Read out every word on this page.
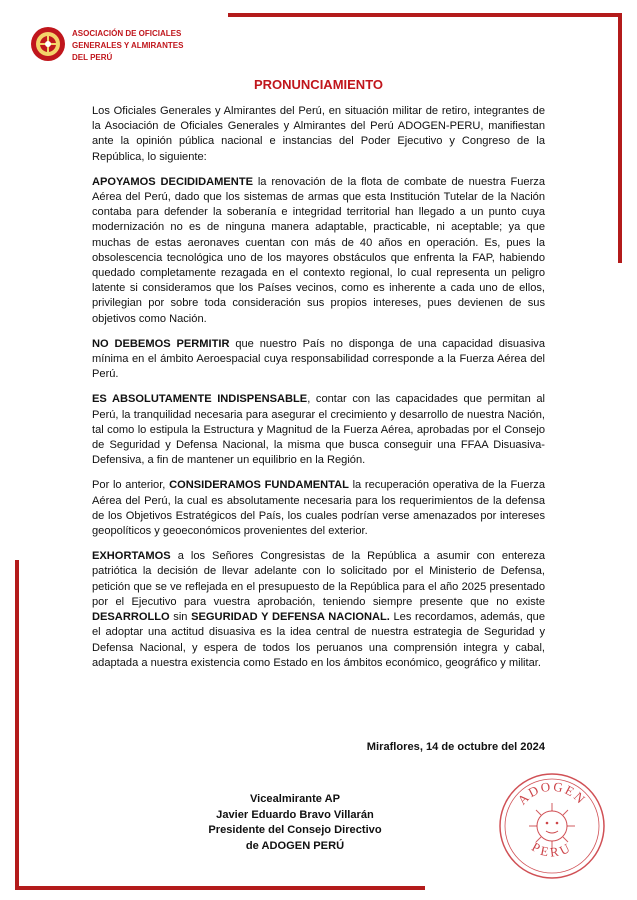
ASOCIACIÓN DE OFICIALES
GENERALES Y ALMIRANTES
DEL PERÚ
PRONUNCIAMIENTO

Los Oficiales Generales y Almirantes del Perú, en situación militar de retiro, integrantes de la Asociación de Oficiales Generales y Almirantes del Perú ADOGEN-PERU, manifiestan ante la opinión pública nacional e instancias del Poder Ejecutivo y Congreso de la República, lo siguiente:

APOYAMOS DECIDIDAMENTE la renovación de la flota de combate de nuestra Fuerza Aérea del Perú, dado que los sistemas de armas que esta Institución Tutelar de la Nación contaba para defender la soberanía e integridad territorial han llegado a un punto cuya modernización no es de ninguna manera adaptable, practicable, ni aceptable; ya que muchas de estas aeronaves cuentan con más de 40 años en operación. Es, pues la obsolescencia tecnológica uno de los mayores obstáculos que enfrenta la FAP, habiendo quedado completamente rezagada en el contexto regional, lo cual representa un peligro latente si consideramos que los Países vecinos, como es inherente a cada uno de ellos, privilegian por sobre toda consideración sus propios intereses, pues devienen de sus objetivos como Nación.

NO DEBEMOS PERMITIR que nuestro País no disponga de una capacidad disuasiva mínima en el ámbito Aeroespacial cuya responsabilidad corresponde a la Fuerza Aérea del Perú.

ES ABSOLUTAMENTE INDISPENSABLE, contar con las capacidades que permitan al Perú, la tranquilidad necesaria para asegurar el crecimiento y desarrollo de nuestra Nación, tal como lo estipula la Estructura y Magnitud de la Fuerza Aérea, aprobadas por el Consejo de Seguridad y Defensa Nacional, la misma que busca conseguir una FFAA Disuasiva-Defensiva, a fin de mantener un equilibrio en la Región.

Por lo anterior, CONSIDERAMOS FUNDAMENTAL la recuperación operativa de la Fuerza Aérea del Perú, la cual es absolutamente necesaria para los requerimientos de la defensa de los Objetivos Estratégicos del País, los cuales podrían verse amenazados por intereses geopolíticos y geoeconómicos provenientes del exterior.

EXHORTAMOS a los Señores Congresistas de la República a asumir con entereza patriótica la decisión de llevar adelante con lo solicitado por el Ministerio de Defensa, petición que se ve reflejada en el presupuesto de la República para el año 2025 presentado por el Ejecutivo para vuestra aprobación, teniendo siempre presente que no existe DESARROLLO sin SEGURIDAD Y DEFENSA NACIONAL. Les recordamos, además, que el adoptar una actitud disuasiva es la idea central de nuestra estrategia de Seguridad y Defensa Nacional, y espera de todos los peruanos una comprensión integra y cabal, adaptada a nuestra existencia como Estado en los ámbitos económico, geográfico y militar.

Miraflores, 14 de octubre del 2024
Vicealmirante AP
Javier Eduardo Bravo Villarán
Presidente del Consejo Directivo
de ADOGEN PERÚ
ADOGEN
PERU
